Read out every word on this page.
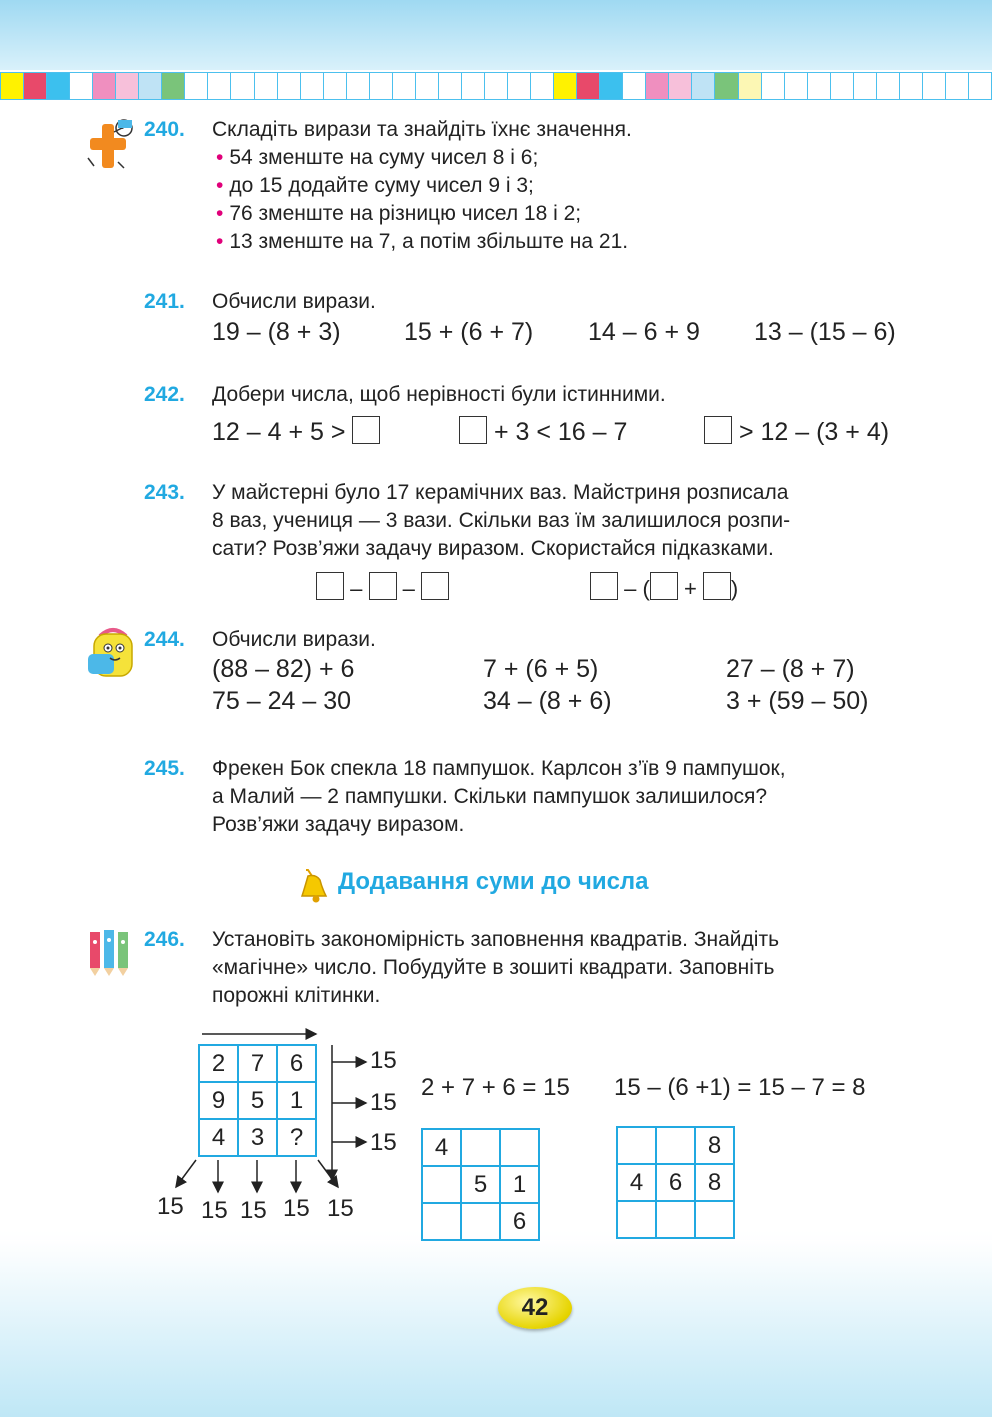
240. Складіть вирази та знайдіть їхнє значення.
• 54 зменште на суму чисел 8 і 6;
• до 15 додайте суму чисел 9 і 3;
• 76 зменште на різницю чисел 18 і 2;
• 13 зменште на 7, а потім збільште на 21.
241. Обчисли вирази.
19 – (8 + 3)	15 + (6 + 7) 14 – 6 + 9 13 – (15 – 6)
242. Добери числа, щоб нерівності були істинними.
12 – 4 + 5 >	+ 3 < 16 – 7	> 12 – (3 + 4)
243. У майстерні було 17 керамічних ваз. Майстриня розписала
8 ваз, учениця — 3 вази. Скільки ваз їм залишилося розпи-
сати? Розв’яжи задачу виразом. Скористайся підказками.
– –	– ( + )
244. Обчисли вирази.
(88 – 82) + 6	7 + (6 + 5)	27 – (8 + 7)
75 – 24 – 30	34 – (8 + 6)	3 + (59 – 50)
245. Фрекен Бок спекла 18 пампушок. Карлсон з’їв 9 пампушок,
а Малий — 2 пампушки. Скільки пампушок залишилося?
Розв’яжи задачу виразом.
Додавання суми до числа
246. Установіть закономірність заповнення квадратів. Знайдіть
«магічне» число. Побудуйте в зошиті квадрати. Заповніть
порожні клітинки.
2	7	6
9	5	1
4	3	?
15
15
15
15 15 15 15 15
2 + 7 + 6 = 15 15 – (6 +1) = 15 – 7 = 8
4		
	5	1
		6
		8
4	6	8

42
